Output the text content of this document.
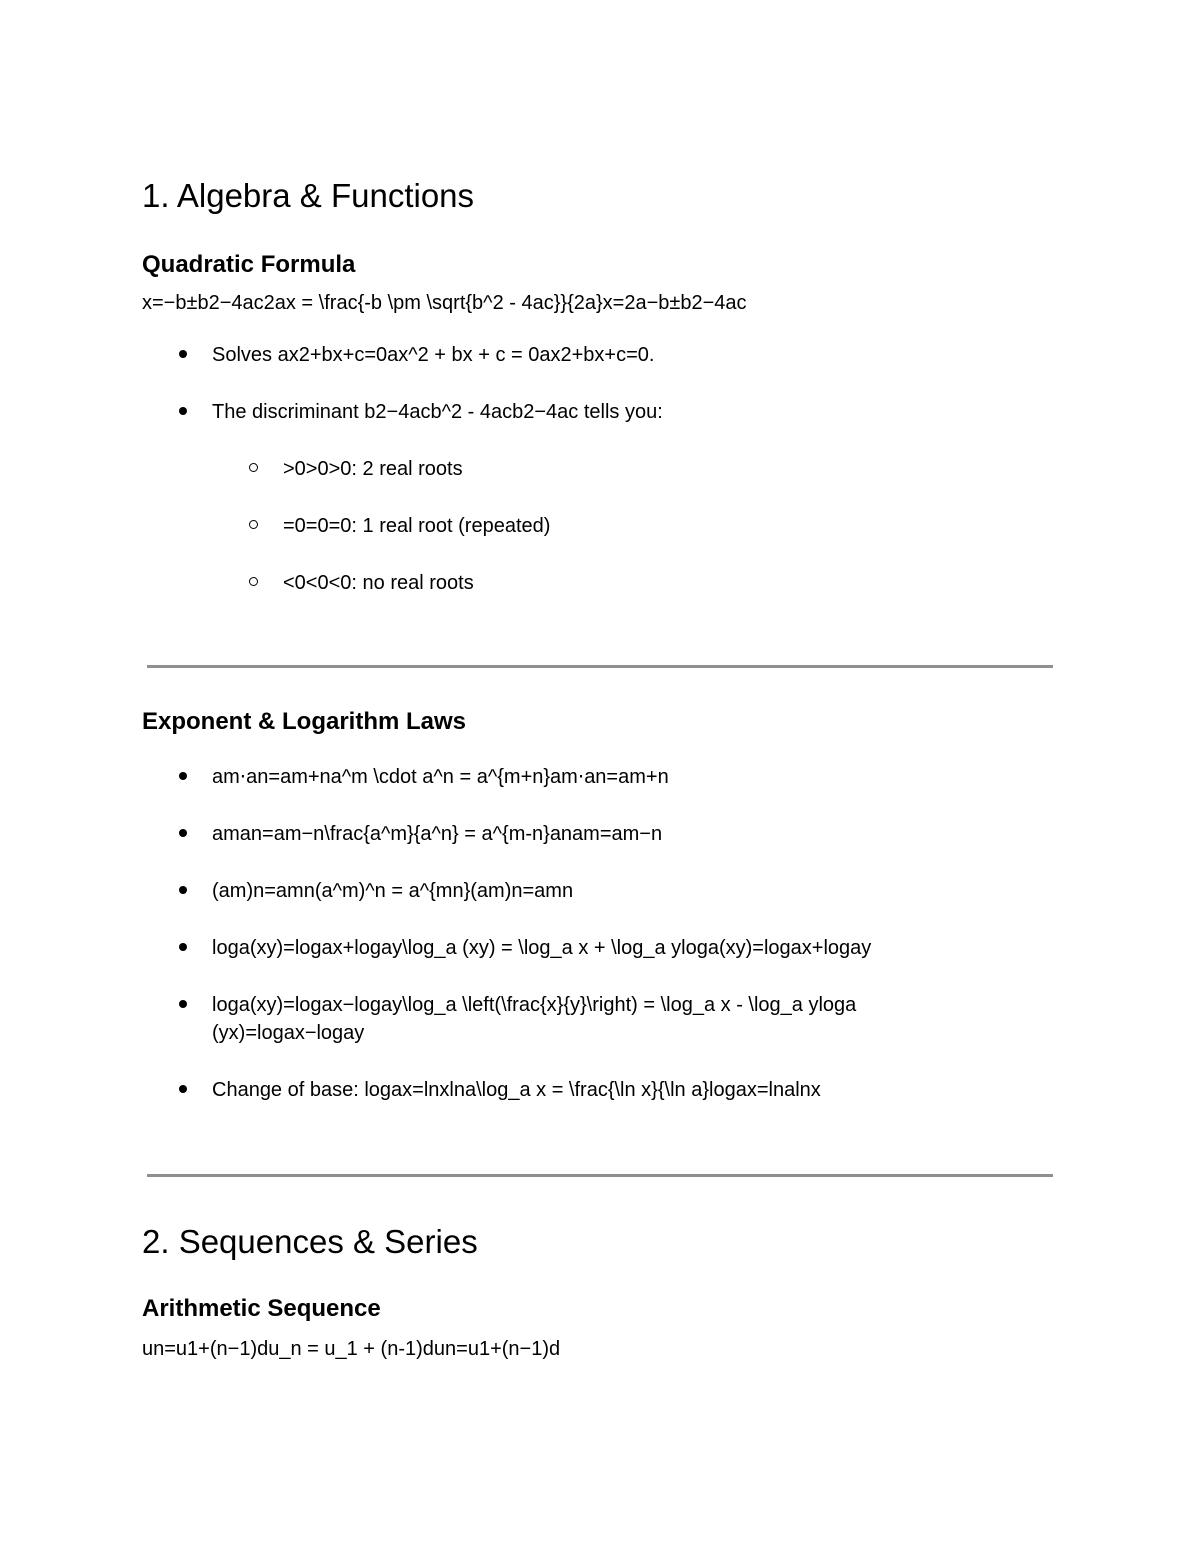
1. Algebra & Functions
Quadratic Formula
x=−b±b2−4ac2ax = \frac{-b \pm \sqrt{b^2 - 4ac}}{2a}x=2a−b±b2−4ac​
Solves ax2+bx+c=0ax^2 + bx + c = 0ax2+bx+c=0.
The discriminant b2−4acb^2 - 4acb2−4ac tells you:
>0>0>0: 2 real roots
=0=0=0: 1 real root (repeated)
<0<0<0: no real roots
Exponent & Logarithm Laws
am⋅an=am+na^m \cdot a^n = a^{m+n}am⋅an=am+n
aman=am−n\frac{a^m}{a^n} = a^{m-n}anam​=am−n
(am)n=amn(a^m)^n = a^{mn}(am)n=amn
loga(xy)=logax+logay\log_a (xy) = \log_a x + \log_a yloga​(xy)=loga​x+loga​y
loga(xy)=logax−logay\log_a \left(\frac{x}{y}\right) = \log_a x - \log_a yloga​(yx​)=loga​x−loga​y
Change of base: logax=lnxlna\log_a x = \frac{\ln x}{\ln a}loga​x=lnalnx​
2. Sequences & Series
Arithmetic Sequence
un=u1+(n−1)du_n = u_1 + (n-1)dun​=u1​+(n−1)d
